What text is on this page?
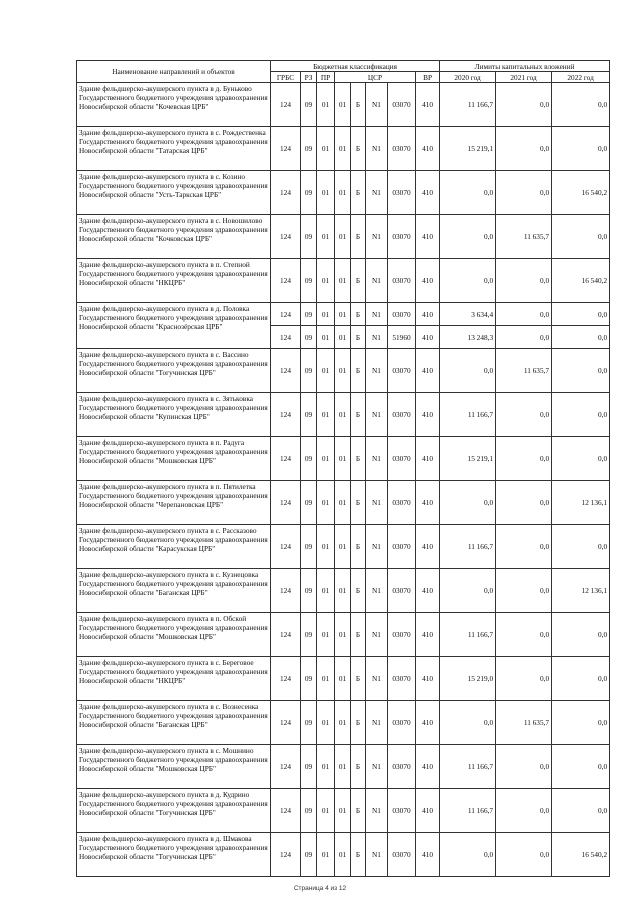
Наименование направлений и объектов	Бюджетная классификация								Лимиты капитальных вложений		
	ГРБС	РЗ	ПР	ЦСР				ВР	2020 год	2021 год	2022 год
Здание фельдшерско-акушерского пункта в д. Буньково Государственного бюджетного учреждения здравоохранения Новосибирской области "Кочевская ЦРБ"	124	09	01	01	Б	N1	03070	410	11 166,7	0,0	0,0
Здание фельдшерско-акушерского пункта в с. Рождественка Государственного бюджетного учреждения здравоохранения Новосибирской области "Татарская ЦРБ"	124	09	01	01	Б	N1	03070	410	15 219,1	0,0	0,0
Здание фельдшерско-акушерского пункта в с. Козино Государственного бюджетного учреждения здравоохранения Новосибирской области "Усть-Таркская ЦРБ"	124	09	01	01	Б	N1	03070	410	0,0	0,0	16 540,2
Здание фельдшерско-акушерского пункта в с. Новошилово Государственного бюджетного учреждения здравоохранения Новосибирской области "Кочковская ЦРБ"	124	09	01	01	Б	N1	03070	410	0,0	11 635,7	0,0
Здание фельдшерско-акушерского пункта в п. Степной Государственного бюджетного учреждения здравоохранения Новосибирской области "НКЦРБ"	124	09	01	01	Б	N1	03070	410	0,0	0,0	16 540,2
Здание фельдшерско-акушерского пункта в д. Половка Государственного бюджетного учреждения здравоохранения Новосибирской области "Краснозёрская ЦРБ"	124	09	01	01	Б	N1	03070	410	3 634,4	0,0	0,0
	124	09	01	01	Б	N1	51960	410	13 248,3	0,0	0,0
Здание фельдшерско-акушерского пункта в с. Вассино Государственного бюджетного учреждения здравоохранения Новосибирской области "Тогучинская ЦРБ"	124	09	01	01	Б	N1	03070	410	0,0	11 635,7	0,0
Здание фельдшерско-акушерского пункта в с. Зятьковка Государственного бюджетного учреждения здравоохранения Новосибирской области "Купинская ЦРБ"	124	09	01	01	Б	N1	03070	410	11 166,7	0,0	0,0
Здание фельдшерско-акушерского пункта в п. Радуга Государственного бюджетного учреждения здравоохранения Новосибирской области "Мошковская ЦРБ"	124	09	01	01	Б	N1	03070	410	15 219,1	0,0	0,0
Здание фельдшерско-акушерского пункта в п. Пятилетка Государственного бюджетного учреждения здравоохранения Новосибирской области "Черепановская ЦРБ"	124	09	01	01	Б	N1	03070	410	0,0	0,0	12 136,1
Здание фельдшерско-акушерского пункта в с. Рассказово Государственного бюджетного учреждения здравоохранения Новосибирской области "Карасукская ЦРБ"	124	09	01	01	Б	N1	03070	410	11 166,7	0,0	0,0
Здание фельдшерско-акушерского пункта в с. Кузнецовка Государственного бюджетного учреждения здравоохранения Новосибирской области "Баганская ЦРБ"	124	09	01	01	Б	N1	03070	410	0,0	0,0	12 136,1
Здание фельдшерско-акушерского пункта в п. Обской Государственного бюджетного учреждения здравоохранения Новосибирской области "Мошковская ЦРБ"	124	09	01	01	Б	N1	03070	410	11 166,7	0,0	0,0
Здание фельдшерско-акушерского пункта в с. Береговое Государственного бюджетного учреждения здравоохранения Новосибирской области "НКЦРБ"	124	09	01	01	Б	N1	03070	410	15 219,0	0,0	0,0
Здание фельдшерско-акушерского пункта в с. Вознесенка Государственного бюджетного учреждения здравоохранения Новосибирской области "Баганская ЦРБ"	124	09	01	01	Б	N1	03070	410	0,0	11 635,7	0,0
Здание фельдшерско-акушерского пункта в с. Мошнино Государственного бюджетного учреждения здравоохранения Новосибирской области "Мошковская ЦРБ"	124	09	01	01	Б	N1	03070	410	11 166,7	0,0	0,0
Здание фельдшерско-акушерского пункта в д. Кудрино Государственного бюджетного учреждения здравоохранения Новосибирской области "Тогучинская ЦРБ"	124	09	01	01	Б	N1	03070	410	11 166,7	0,0	0,0
Здание фельдшерско-акушерского пункта в д. Шмакова Государственного бюджетного учреждения здравоохранения Новосибирской области "Тогучинская ЦРБ"	124	09	01	01	Б	N1	03070	410	0,0	0,0	16 540,2
Страница 4 из 12
